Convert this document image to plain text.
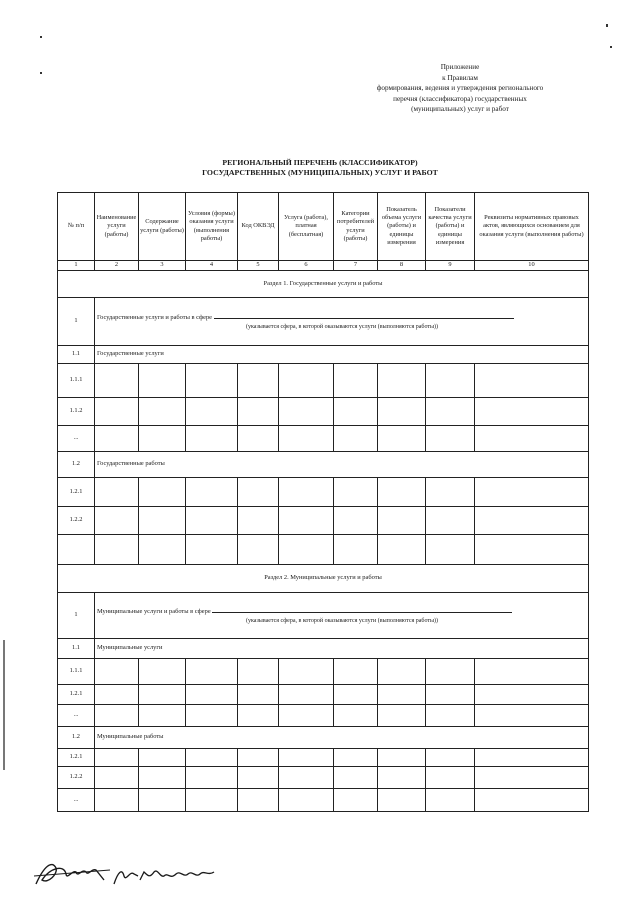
Приложение
к Правилам
формирования, ведения и утверждения регионального
перечня (классификатора) государственных
(муниципальных) услуг и работ
РЕГИОНАЛЬНЫЙ ПЕРЕЧЕНЬ (КЛАССИФИКАТОР)
ГОСУДАРСТВЕННЫХ (МУНИЦИПАЛЬНЫХ) УСЛУГ И РАБОТ
№ п/п	Наименование услуги (работы)	Содержание услуги (работы)	Условия (формы) оказания услуги (выполнения работы)	Код ОКВЭД	Услуга (работа), платная (бесплатная)	Категории потребителей услуги (работы)	Показатель объема услуги (работы) и единицы измерения	Показатели качества услуги (работы) и единицы измерения	Реквизиты нормативных правовых актов, являющихся основанием для оказания услуги (выполнения работы)
1	2	3	4	5	6	7	8	9	10
Раздел 1. Государственные услуги и работы									
1	Государственные услуги и работы в сфере
(указывается сфера, в которой оказываются услуги (выполняются работы))								

1.1	Государственные услуги								
1.1.1									
1.1.2									
...									
1.2	Государственные работы								
1.2.1									
1.2.2									

Раздел 2. Муниципальные услуги и работы									
1	Муниципальные услуги и работы в сфере
(указывается сфера, в которой оказываются услуги (выполняются работы))								

1.1	Муниципальные услуги								
1.1.1									
1.2.1									
...									
1.2	Муниципальные работы								
1.2.1									
1.2.2									
...									
